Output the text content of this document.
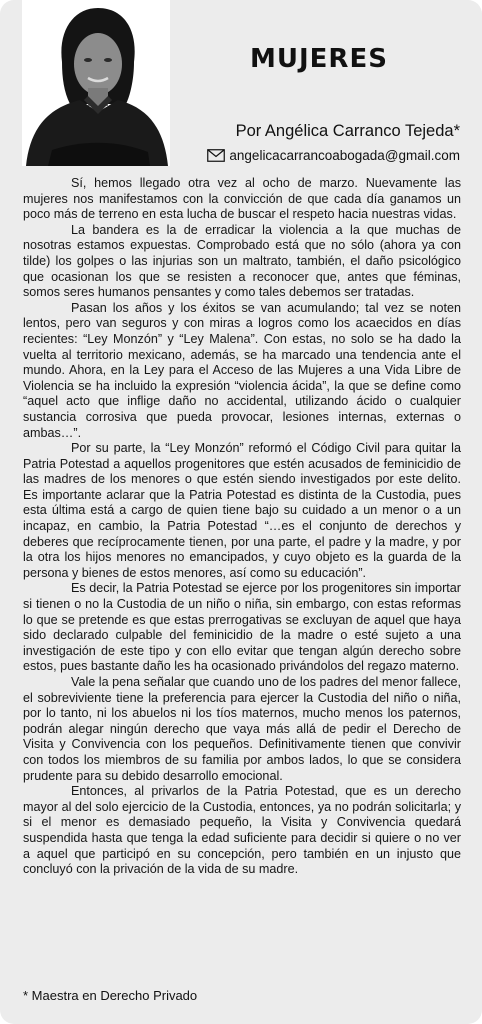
MUJERES
Por Angélica Carranco Tejeda*
angelicacarrancoabogada@gmail.com

Sí, hemos llegado otra vez al ocho de marzo. Nuevamente las mujeres nos manifestamos con la convicción de que cada día ganamos un poco más de terreno en esta lucha de buscar el respeto hacia nuestras vidas.

La bandera es la de erradicar la violencia a la que muchas de nosotras estamos expuestas. Comprobado está que no sólo (ahora ya con tilde) los golpes o las injurias son un maltrato, también, el daño psicológico que ocasionan los que se resisten a reconocer que, antes que féminas, somos seres humanos pensantes y como tales debemos ser tratadas.

Pasan los años y los éxitos se van acumulando; tal vez se noten lentos, pero van seguros y con miras a logros como los acaecidos en días recientes: “Ley Monzón” y “Ley Malena”. Con estas, no solo se ha dado la vuelta al territorio mexicano, además, se ha marcado una tendencia ante el mundo. Ahora, en la Ley para el Acceso de las Mujeres a una Vida Libre de Violencia se ha incluido la expresión “violencia ácida”, la que se define como “aquel acto que inflige daño no accidental, utilizando ácido o cualquier sustancia corrosiva que pueda provocar, lesiones internas, externas o ambas…”.

Por su parte, la “Ley Monzón” reformó el Código Civil para quitar la Patria Potestad a aquellos progenitores que estén acusados de feminicidio de las madres de los menores o que estén siendo investigados por este delito. Es importante aclarar que la Patria Potestad es distinta de la Custodia, pues esta última está a cargo de quien tiene bajo su cuidado a un menor o a un incapaz, en cambio, la Patria Potestad “…es el conjunto de derechos y deberes que recíprocamente tienen, por una parte, el padre y la madre, y por la otra los hijos menores no emancipados, y cuyo objeto es la guarda de la persona y bienes de estos menores, así como su educación”.

Es decir, la Patria Potestad se ejerce por los progenitores sin importar si tienen o no la Custodia de un niño o niña, sin embargo, con estas reformas lo que se pretende es que estas prerrogativas se excluyan de aquel que haya sido declarado culpable del feminicidio de la madre o esté sujeto a una investigación de este tipo y con ello evitar que tengan algún derecho sobre estos, pues bastante daño les ha ocasionado privándolos del regazo materno.

Vale la pena señalar que cuando uno de los padres del menor fallece, el sobreviviente tiene la preferencia para ejercer la Custodia del niño o niña, por lo tanto, ni los abuelos ni los tíos maternos, mucho menos los paternos, podrán alegar ningún derecho que vaya más allá de pedir el Derecho de Visita y Convivencia con los pequeños. Definitivamente tienen que convivir con todos los miembros de su familia por ambos lados, lo que se considera prudente para su debido desarrollo emocional.

Entonces, al privarlos de la Patria Potestad, que es un derecho mayor al del solo ejercicio de la Custodia, entonces, ya no podrán solicitarla; y si el menor es demasiado pequeño, la Visita y Convivencia quedará suspendida hasta que tenga la edad suficiente para decidir si quiere o no ver a aquel que participó en su concepción, pero también en un injusto que concluyó con la privación de la vida de su madre.

* Maestra en Derecho Privado
